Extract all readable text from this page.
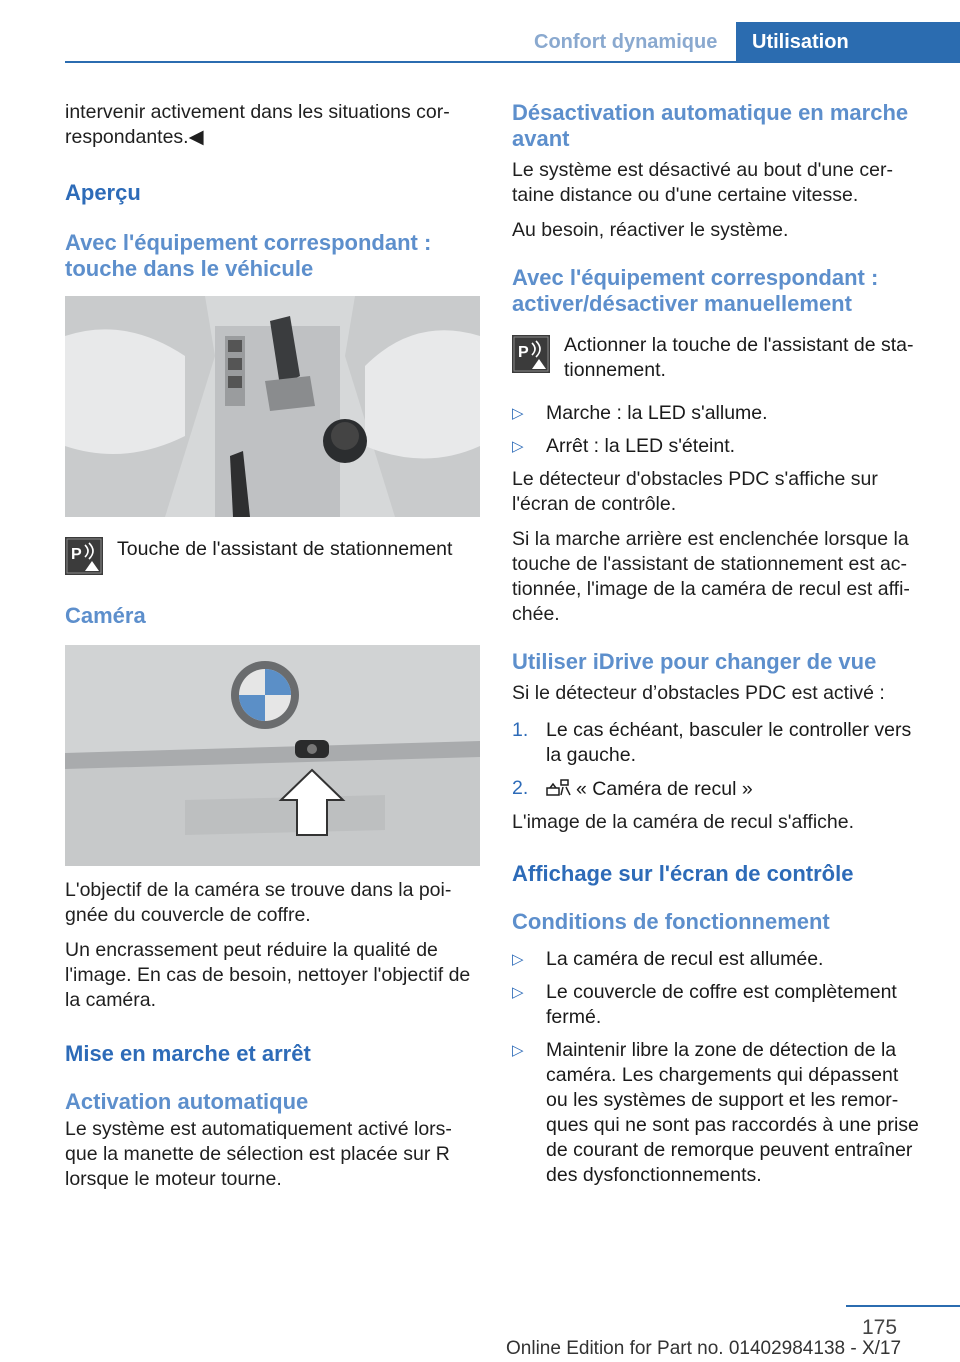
Confort dynamique Utilisation

intervenir activement dans les situations cor‐ respondantes.◀

Aperçu
Avec l'équipement correspondant : touche dans le véhicule
P Touche de l'assistant de stationnement
Caméra

L'objectif de la caméra se trouve dans la poi‐ gnée du couvercle de coffre.

Un encrassement peut réduire la qualité de l'image. En cas de besoin, nettoyer l'objectif de la caméra.

Mise en marche et arrêt
Activation automatique

Le système est automatiquement activé lors‐ que la manette de sélection est placée sur R lorsque le moteur tourne.

Désactivation automatique en marche avant

Le système est désactivé au bout d'une cer‐ taine distance ou d'une certaine vitesse.

Au besoin, réactiver le système.

Avec l'équipement correspondant : activer/désactiver manuellement
P Actionner la touche de l'assistant de sta‐ tionnement.
▷ Marche : la LED s'allume.
▷ Arrêt : la LED s'éteint.

Le détecteur d'obstacles PDC s'affiche sur l'écran de contrôle.

Si la marche arrière est enclenchée lorsque la touche de l'assistant de stationnement est ac‐ tionnée, l'image de la caméra de recul est affi‐ chée.

Utiliser iDrive pour changer de vue

Si le détecteur d’obstacles PDC est activé :

1. Le cas échéant, basculer le controller vers la gauche.
2. « Caméra de recul »

L'image de la caméra de recul s'affiche.

Affichage sur l'écran de contrôle
Conditions de fonctionnement
▷ La caméra de recul est allumée.
▷ Le couvercle de coffre est complètement fermé.
▷ Maintenir libre la zone de détection de la caméra. Les chargements qui dépassent ou les systèmes de support et les remor‐ ques qui ne sont pas raccordés à une prise de courant de remorque peuvent entraîner des dysfonctionnements.
175
Online Edition for Part no. 01402984138 - X/17
